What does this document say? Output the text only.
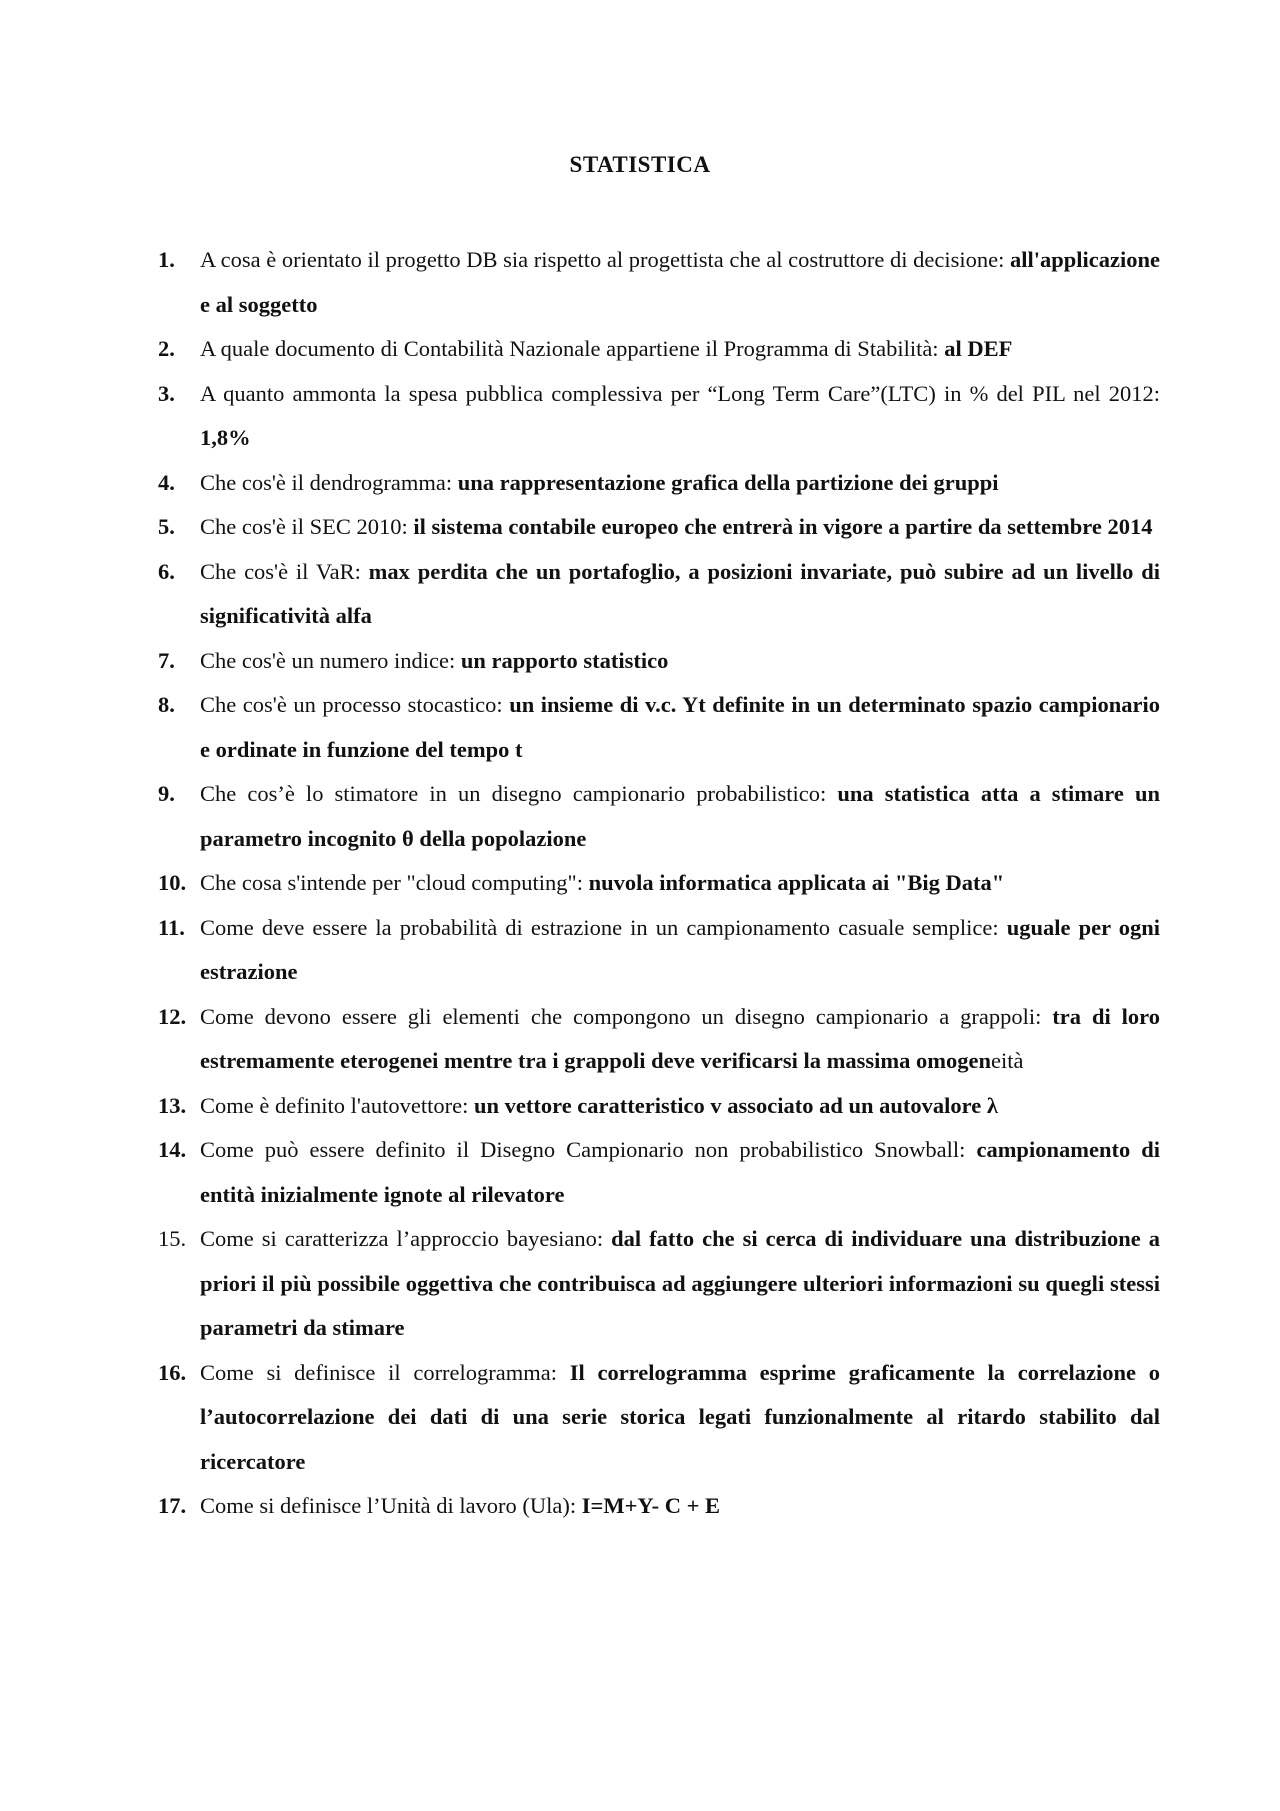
STATISTICA
1. A cosa è orientato il progetto DB sia rispetto al progettista che al costruttore di decisione: all'applicazione e al soggetto
2. A quale documento di Contabilità Nazionale appartiene il Programma di Stabilità: al DEF
3. A quanto ammonta la spesa pubblica complessiva per “Long Term Care”(LTC) in % del PIL nel 2012: 1,8%
4. Che cos'è il dendrogramma: una rappresentazione grafica della partizione dei gruppi
5. Che cos'è il SEC 2010: il sistema contabile europeo che entrerà in vigore a partire da settembre 2014
6. Che cos'è il VaR: max perdita che un portafoglio, a posizioni invariate, può subire ad un livello di significatività alfa
7. Che cos'è un numero indice: un rapporto statistico
8. Che cos'è un processo stocastico: un insieme di v.c. Yt definite in un determinato spazio campionario e ordinate in funzione del tempo t
9. Che cos’è lo stimatore in un disegno campionario probabilistico: una statistica atta a stimare un parametro incognito θ della popolazione
10. Che cosa s'intende per "cloud computing": nuvola informatica applicata ai "Big Data"
11. Come deve essere la probabilità di estrazione in un campionamento casuale semplice: uguale per ogni estrazione
12. Come devono essere gli elementi che compongono un disegno campionario a grappoli: tra di loro estremamente eterogenei mentre tra i grappoli deve verificarsi la massima omogeneità
13. Come è definito l'autovettore: un vettore caratteristico v associato ad un autovalore λ
14. Come può essere definito il Disegno Campionario non probabilistico Snowball: campionamento di entità inizialmente ignote al rilevatore
15. Come si caratterizza l’approccio bayesiano: dal fatto che si cerca di individuare una distribuzione a priori il più possibile oggettiva che contribuisca ad aggiungere ulteriori informazioni su quegli stessi parametri da stimare
16. Come si definisce il correlogramma: Il correlogramma esprime graficamente la correlazione o l’autocorrelazione dei dati di una serie storica legati funzionalmente al ritardo stabilito dal ricercatore
17. Come si definisce l’Unità di lavoro (Ula): I=M+Y- C + E
